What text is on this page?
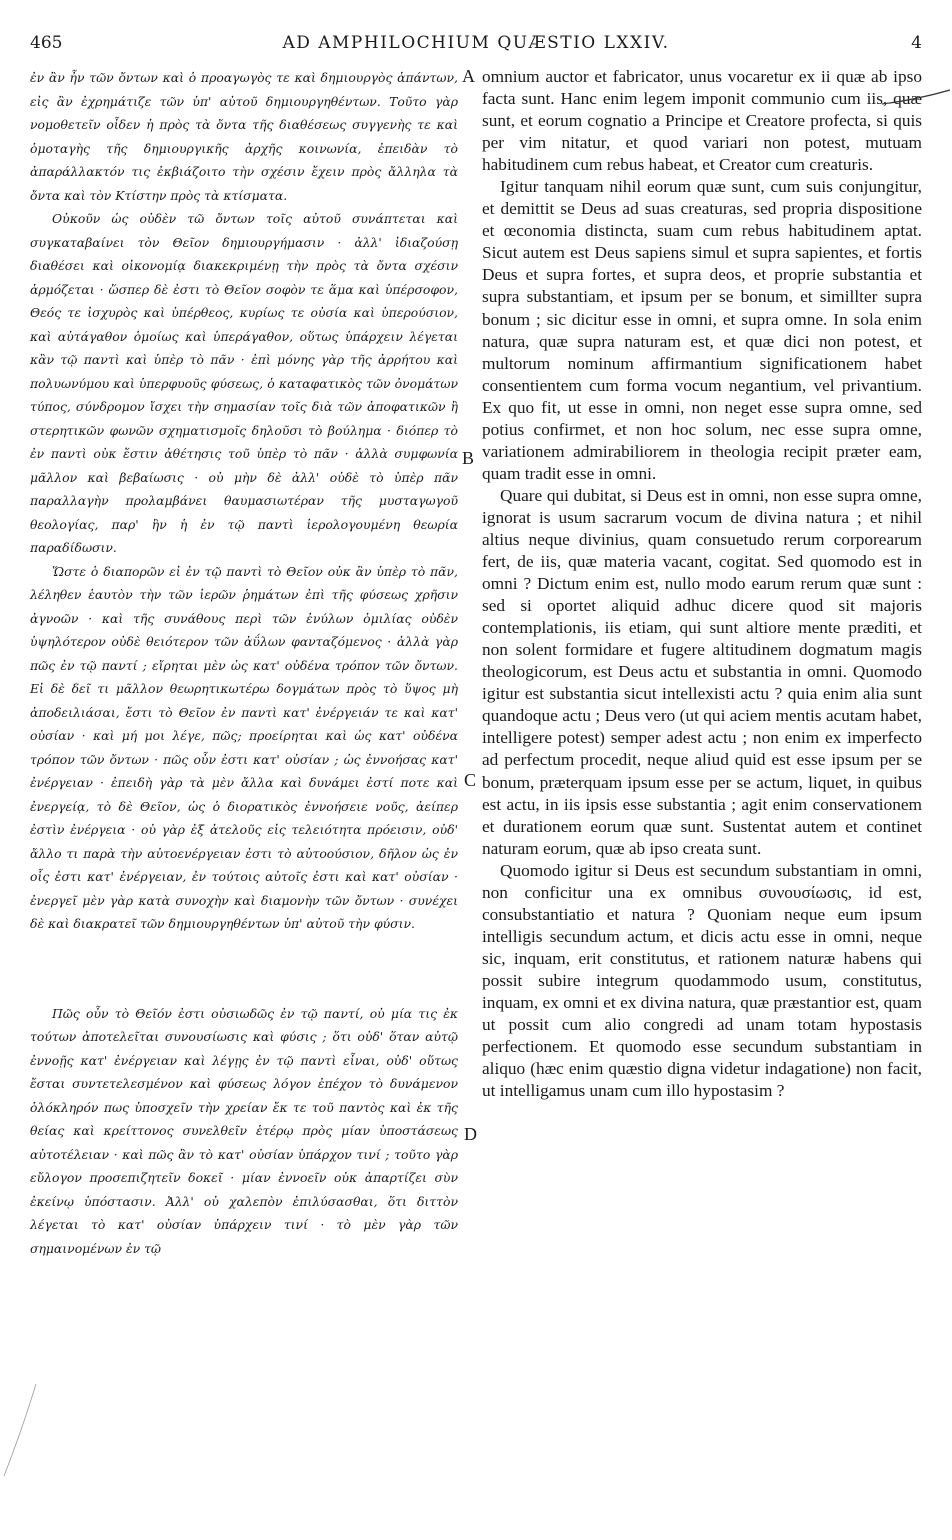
465	AD AMPHILOCHIUM QUÆSTIO LXXIV.	4

ἐν ἂν ἦν τῶν ὄντων καὶ ὁ προαγωγὸς τε καὶ δημιουργὸς ἁπάντων, εἰς ἂν ἐχρημάτιζε τῶν ὑπ' αὐτοῦ δημιουργηθέντων. Τοῦτο γὰρ νομοθετεῖν οἶδεν ἡ πρὸς τὰ ὄντα τῆς διαθέσεως συγγενὴς τε καὶ ὁμοταγὴς τῆς δημιουργικῆς ἀρχῆς κοινωνία, ἐπειδὰν τὸ ἀπαράλλακτόν τις ἐκβιάζοιτο τὴν σχέσιν ἔχειν πρὸς ἄλληλα τὰ ὄντα καὶ τὸν Κτίστην πρὸς τὰ κτίσματα.

Οὐκοῦν ὡς οὐδὲν τῶ ὄντων τοῖς αὐτοῦ συνάπτεται καὶ συγκαταβαίνει τὸν Θεῖον δημιουργήμασιν · ἀλλ' ἰδιαζούσῃ διαθέσει καὶ οἰκονομίᾳ διακεκριμένῃ τὴν πρὸς τὰ ὄντα σχέσιν ἁρμόζεται · ὥσπερ δὲ ἐστι τὸ Θεῖον σοφὸν τε ἅμα καὶ ὑπέρσοφον, Θεός τε ἰσχυρὸς καὶ ὑπέρθεος, κυρίως τε οὐσία καὶ ὑπερούσιον, καὶ αὐτάγαθον ὁμοίως καὶ ὑπεράγαθον, οὕτως ὑπάρχειν λέγεται κἂν τῷ παντὶ καὶ ὑπὲρ τὸ πᾶν · ἐπὶ μόνης γὰρ τῆς ἀρρήτου καὶ πολυωνύμου καὶ ὑπερφυοῦς φύσεως, ὁ καταφατικὸς τῶν ὀνομάτων τύπος, σύνδρομον ἴσχει τὴν σημασίαν τοῖς διὰ τῶν ἀποφατικῶν ἢ στερητικῶν φωνῶν σχηματισμοῖς δηλοῦσι τὸ βούλημα · διόπερ τὸ ἐν παντὶ οὐκ ἔστιν ἀθέτησις τοῦ ὑπὲρ τὸ πᾶν · ἀλλὰ συμφωνία μᾶλλον καὶ βεβαίωσις · οὐ μὴν δὲ ἀλλ' οὐδὲ τὸ ὑπὲρ πᾶν παραλλαγὴν προλαμβάνει θαυμασιωτέραν τῆς μυσταγωγοῦ θεολογίας, παρ' ἣν ἡ ἐν τῷ παντὶ ἱερολογουμένη θεωρία παραδίδωσιν.

Ὥστε ὁ διαπορῶν εἰ ἐν τῷ παντὶ τὸ Θεῖον οὐκ ἂν ὑπὲρ τὸ πᾶν, λέληθεν ἑαυτὸν τὴν τῶν ἱερῶν ῥημάτων ἐπὶ τῆς φύσεως χρῆσιν ἀγνοῶν · καὶ τῆς συνάθους περὶ τῶν ἐνύλων ὁμιλίας οὐδὲν ὑψηλότερον οὐδὲ θειότερον τῶν ἀΰλων φανταζόμενος · ἀλλὰ γὰρ πῶς ἐν τῷ παντί ; εἴρηται μὲν ὡς κατ' οὐδένα τρόπον τῶν ὄντων. Εἰ δὲ δεῖ τι μᾶλλον θεωρητικωτέρω δογμάτων πρὸς τὸ ὕψος μὴ ἀποδειλιάσαι, ἔστι τὸ Θεῖον ἐν παντὶ κατ' ἐνέργειάν τε καὶ κατ' οὐσίαν · καὶ μή μοι λέγε, πῶς; προείρηται καὶ ὡς κατ' οὐδένα τρόπον τῶν ὄντων · πῶς οὖν ἐστι κατ' οὐσίαν ; ὡς ἐννοήσας κατ' ἐνέργειαν · ἐπειδὴ γὰρ τὰ μὲν ἄλλα καὶ δυνάμει ἐστί ποτε καὶ ἐνεργείᾳ, τὸ δὲ Θεῖον, ὡς ὁ διορατικὸς ἐννοήσειε νοῦς, ἀείπερ ἐστὶν ἐνέργεια · οὐ γὰρ ἐξ ἀτελοῦς εἰς τελειότητα πρόεισιν, οὐδ' ἄλλο τι παρὰ τὴν αὐτοενέργειαν ἐστι τὸ αὐτοούσιον, δῆλον ὡς ἐν οἷς ἐστι κατ' ἐνέργειαν, ἐν τούτοις αὐτοῖς ἐστι καὶ κατ' οὐσίαν · ἐνεργεῖ μὲν γὰρ κατὰ συνοχὴν καὶ διαμονὴν τῶν ὄντων · συνέχει δὲ καὶ διακρατεῖ τῶν δημιουργηθέντων ὑπ' αὐτοῦ τὴν φύσιν.

Πῶς οὖν τὸ Θεῖόν ἐστι οὐσιωδῶς ἐν τῷ παντί, οὐ μία τις ἐκ τούτων ἀποτελεῖται συνουσίωσις καὶ φύσις ; ὅτι οὐδ' ὅταν αὐτῷ ἐννοῇς κατ' ἐνέργειαν καὶ λέγῃς ἐν τῷ παντὶ εἶναι, οὐδ' οὕτως ἔσται συντετελεσμένον καὶ φύσεως λόγον ἐπέχον τὸ δυνάμενον ὁλόκληρόν πως ὑποσχεῖν τὴν χρείαν ἔκ τε τοῦ παντὸς καὶ ἐκ τῆς θείας καὶ κρείττονος συνελθεῖν ἑτέρῳ πρὸς μίαν ὑποστάσεως αὐτοτέλειαν · καὶ πῶς ἂν τὸ κατ' οὐσίαν ὑπάρχον τινί ; τοῦτο γὰρ εὔλογον προσεπιζητεῖν δοκεῖ · μίαν ἐννοεῖν οὐκ ἀπαρτίζει σὺν ἐκείνῳ ὑπόστασιν. Ἀλλ' οὐ χαλεπὸν ἐπιλύσασθαι, ὅτι διττὸν λέγεται τὸ κατ' οὐσίαν ὑπάρχειν τινί · τὸ μὲν γὰρ τῶν σημαινομένων ἐν τῷ

omnium auctor et fabricator, unus vocaretur ex ii quæ ab ipso facta sunt. Hanc enim legem imponit communio cum iis, quæ sunt, et eorum cognatio a Principe et Creatore profecta, si quis per vim nitatur, et quod variari non potest, mutuam habitudinem cum rebus habeat, et Creator cum creaturis.

Igitur tanquam nihil eorum quæ sunt, cum suis conjungitur, et demittit se Deus ad suas creaturas, sed propria dispositione et œconomia distincta, suam cum rebus habitudinem aptat. Sicut autem est Deus sapiens simul et supra sapientes, et fortis Deus et supra fortes, et supra deos, et proprie substantia et supra substantiam, et ipsum per se bonum, et simillter supra bonum ; sic dicitur esse in omni, et supra omne. In sola enim natura, quæ supra naturam est, et quæ dici non potest, et multorum nominum affirmantium significationem habet consentientem cum forma vocum negantium, vel privantium. Ex quo fit, ut esse in omni, non neget esse supra omne, sed potius confirmet, et non hoc solum, nec esse supra omne, variationem admirabiliorem in theologia recipit præter eam, quam tradit esse in omni.

Quare qui dubitat, si Deus est in omni, non esse supra omne, ignorat is usum sacrarum vocum de divina natura ; et nihil altius neque divinius, quam consuetudo rerum corporearum fert, de iis, quæ materia vacant, cogitat. Sed quomodo est in omni ? Dictum enim est, nullo modo earum rerum quæ sunt : sed si oportet aliquid adhuc dicere quod sit majoris contemplationis, iis etiam, qui sunt altiore mente præditi, et non solent formidare et fugere altitudinem dogmatum magis theologicorum, est Deus actu et substantia in omni. Quomodo igitur est substantia sicut intellexisti actu ? quia enim alia sunt quandoque actu ; Deus vero (ut qui aciem mentis acutam habet, intelligere potest) semper adest actu ; non enim ex imperfecto ad perfectum procedit, neque aliud quid est esse ipsum per se bonum, præterquam ipsum esse per se actum, liquet, in quibus est actu, in iis ipsis esse substantia ; agit enim conservationem et durationem eorum quæ sunt. Sustentat autem et continet naturam eorum, quæ ab ipso creata sunt.

Quomodo igitur si Deus est secundum substantiam in omni, non conficitur una ex omnibus συνουσίωσις, id est, consubstantiatio et natura ? Quoniam neque eum ipsum intelligis secundum actum, et dicis actu esse in omni, neque sic, inquam, erit constitutus, et rationem naturæ habens qui possit subire integrum quodammodo usum, constitutus, inquam, ex omni et ex divina natura, quæ præstantior est, quam ut possit cum alio congredi ad unam totam hypostasis perfectionem. Et quomodo esse secundum substantiam in aliquo (hæc enim quæstio digna videtur indagatione) non facit, ut intelligamus unam cum illo hypostasim ?

A
B
C
D
